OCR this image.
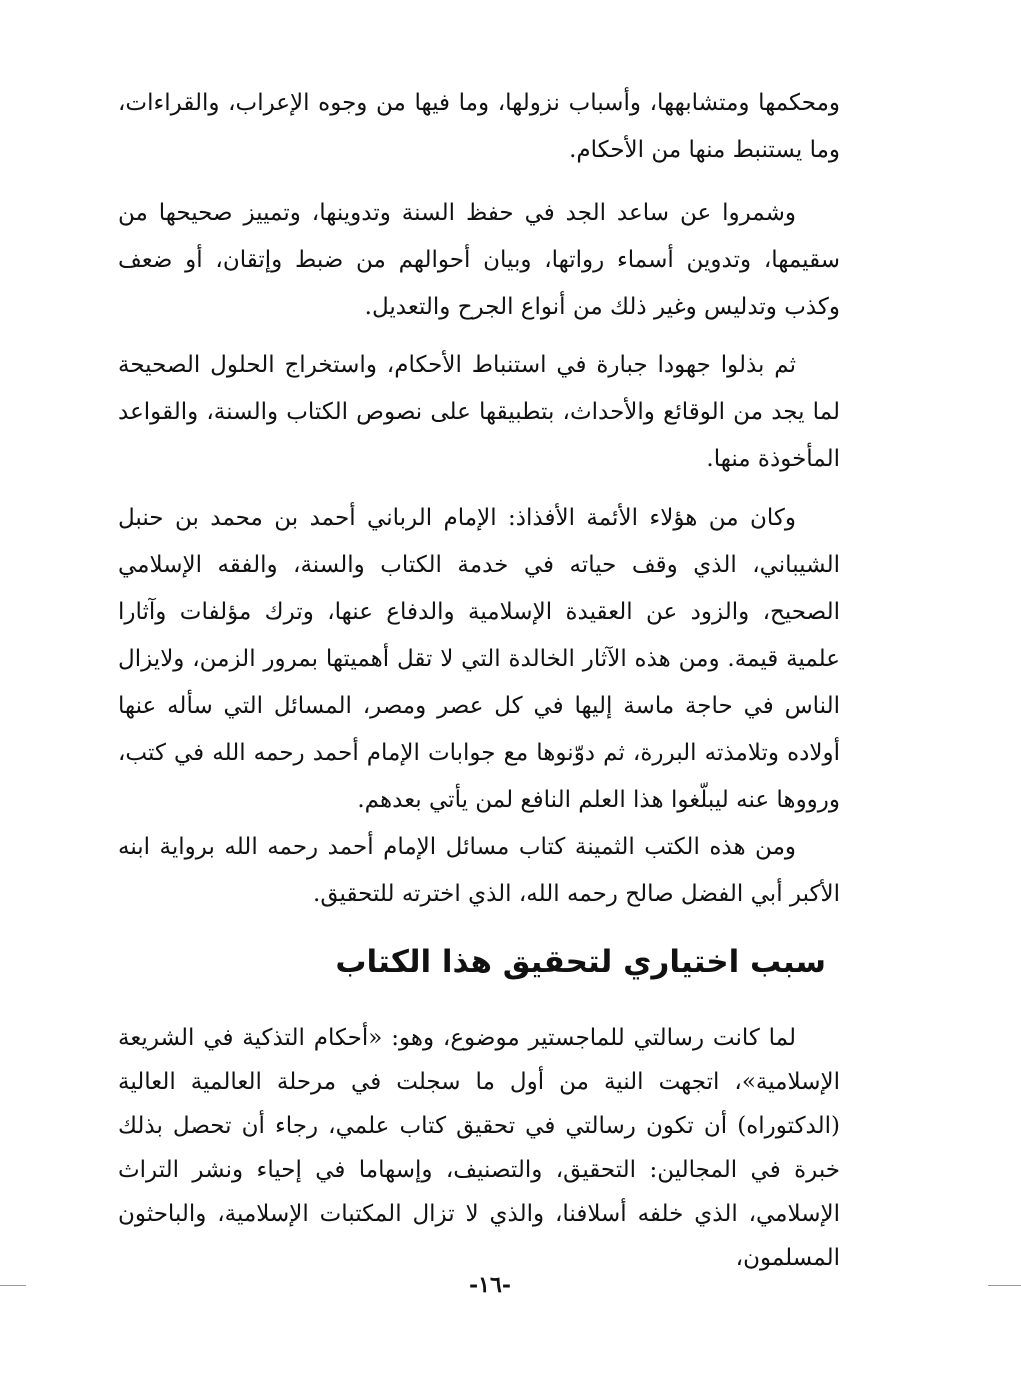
ومحكمها ومتشابهها، وأسباب نزولها، وما فيها من وجوه الإعراب، والقراءات، وما يستنبط منها من الأحكام.

وشمروا عن ساعد الجد في حفظ السنة وتدوينها، وتمييز صحيحها من سقيمها، وتدوين أسماء رواتها، وبيان أحوالهم من ضبط وإتقان، أو ضعف وكذب وتدليس وغير ذلك من أنواع الجرح والتعديل.

ثم بذلوا جهودا جبارة في استنباط الأحكام، واستخراج الحلول الصحيحة لما يجد من الوقائع والأحداث، بتطبيقها على نصوص الكتاب والسنة، والقواعد المأخوذة منها.

وكان من هؤلاء الأئمة الأفذاذ: الإمام الرباني أحمد بن محمد بن حنبل الشيباني، الذي وقف حياته في خدمة الكتاب والسنة، والفقه الإسلامي الصحيح، والزود عن العقيدة الإسلامية والدفاع عنها، وترك مؤلفات وآثارا علمية قيمة. ومن هذه الآثار الخالدة التي لا تقل أهميتها بمرور الزمن، ولايزال الناس في حاجة ماسة إليها في كل عصر ومصر، المسائل التي سأله عنها أولاده وتلامذته البررة، ثم دوّنوها مع جوابات الإمام أحمد رحمه الله في كتب، ورووها عنه ليبلّغوا هذا العلم النافع لمن يأتي بعدهم.

ومن هذه الكتب الثمينة كتاب مسائل الإمام أحمد رحمه الله برواية ابنه الأكبر أبي الفضل صالح رحمه الله، الذي اخترته للتحقيق.

سبب اختياري لتحقيق هذا الكتاب

لما كانت رسالتي للماجستير موضوع، وهو: «أحكام التذكية في الشريعة الإسلامية»، اتجهت النية من أول ما سجلت في مرحلة العالمية العالية (الدكتوراه) أن تكون رسالتي في تحقيق كتاب علمي، رجاء أن تحصل بذلك خبرة في المجالين: التحقيق، والتصنيف، وإسهاما في إحياء ونشر التراث الإسلامي، الذي خلفه أسلافنا، والذي لا تزال المكتبات الإسلامية، والباحثون المسلمون،

-١٦-
